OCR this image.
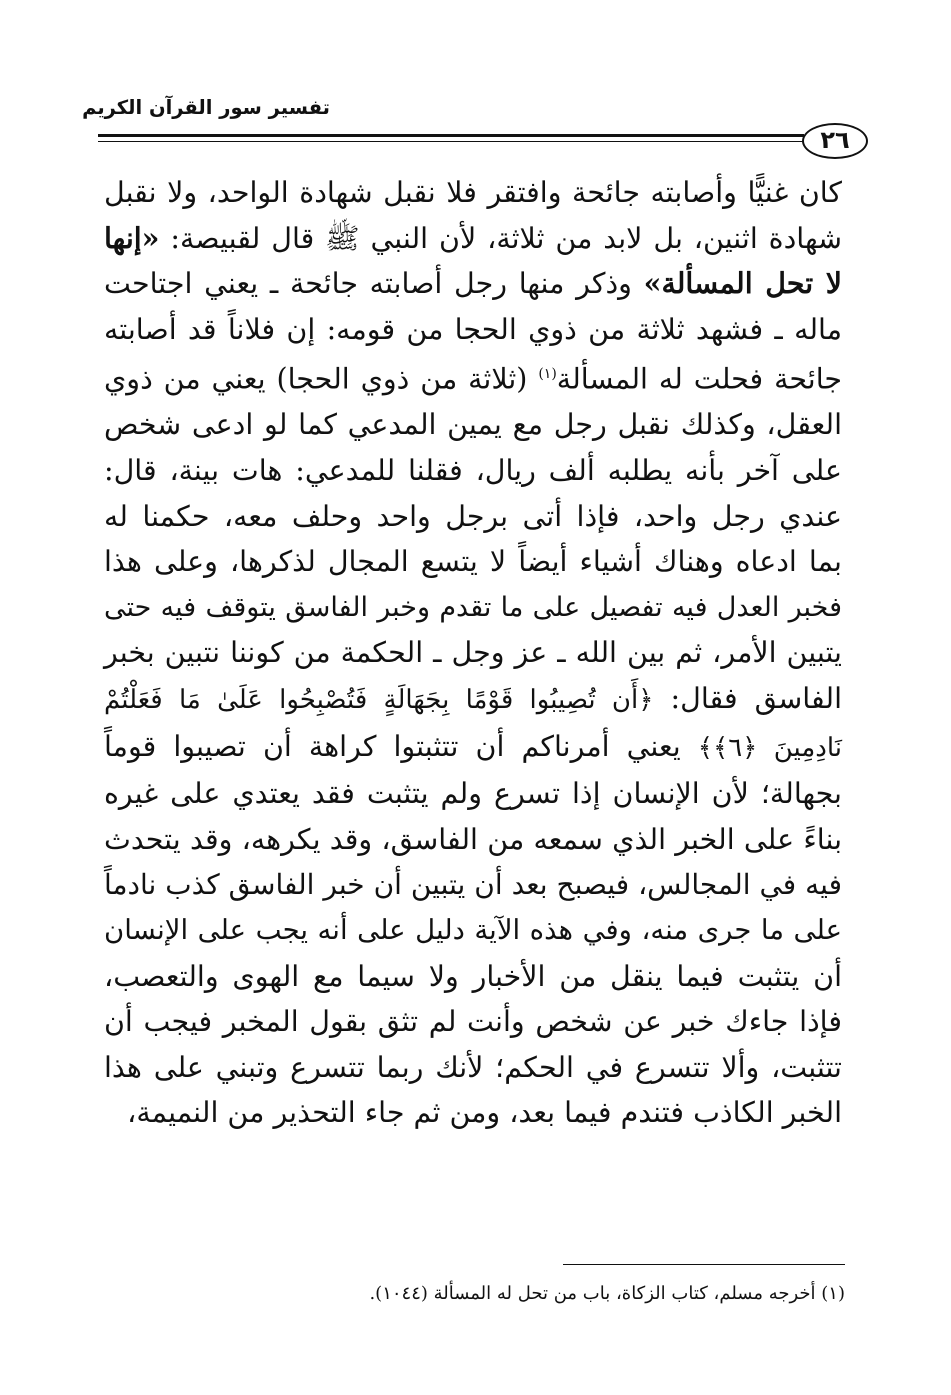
تفسير سور القرآن الكريم
٢٦
كان غنيًّا وأصابته جائحة وافتقر فلا نقبل شهادة الواحد، ولا نقبل
شهادة اثنين، بل لابد من ثلاثة، لأن النبي ﷺ قال لقبيصة: «إنها
لا تحل المسألة» وذكر منها رجل أصابته جائحة ـ يعني اجتاحت
ماله ـ فشهد ثلاثة من ذوي الحجا من قومه: إن فلاناً قد أصابته
جائحة فحلت له المسألة$^{(١)}$ (ثلاثة من ذوي الحجا) يعني من ذوي
العقل، وكذلك نقبل رجل مع يمين المدعي كما لو ادعى شخص
على آخر بأنه يطلبه ألف ريال، فقلنا للمدعي: هات بينة، قال:
عندي رجل واحد، فإذا أتى برجل واحد وحلف معه، حكمنا له
بما ادعاه وهناك أشياء أيضاً لا يتسع المجال لذكرها، وعلى هذا
فخبر العدل فيه تفصيل على ما تقدم وخبر الفاسق يتوقف فيه حتى
يتبين الأمر، ثم بين الله ـ عز وجل ـ الحكمة من كوننا نتبين بخبر
الفاسق فقال: ﴿أَن تُصِيبُوا قَوْمًا بِجَهَالَةٍ فَتُصْبِحُوا عَلَىٰ مَا فَعَلْتُمْ
نَادِمِينَ ﴿٦﴾﴾ يعني أمرناكم أن تتثبتوا كراهة أن تصيبوا قوماً
بجهالة؛ لأن الإنسان إذا تسرع ولم يتثبت فقد يعتدي على غيره
بناءً على الخبر الذي سمعه من الفاسق، وقد يكرهه، وقد يتحدث
فيه في المجالس، فيصبح بعد أن يتبين أن خبر الفاسق كذب نادماً
على ما جرى منه، وفي هذه الآية دليل على أنه يجب على الإنسان
أن يتثبت فيما ينقل من الأخبار ولا سيما مع الهوى والتعصب،
فإذا جاءك خبر عن شخص وأنت لم تثق بقول المخبر فيجب أن
تتثبت، وألا تتسرع في الحكم؛ لأنك ربما تتسرع وتبني على هذا
الخبر الكاذب فتندم فيما بعد، ومن ثم جاء التحذير من النميمة،
(١) أخرجه مسلم، كتاب الزكاة، باب من تحل له المسألة (١٠٤٤).
